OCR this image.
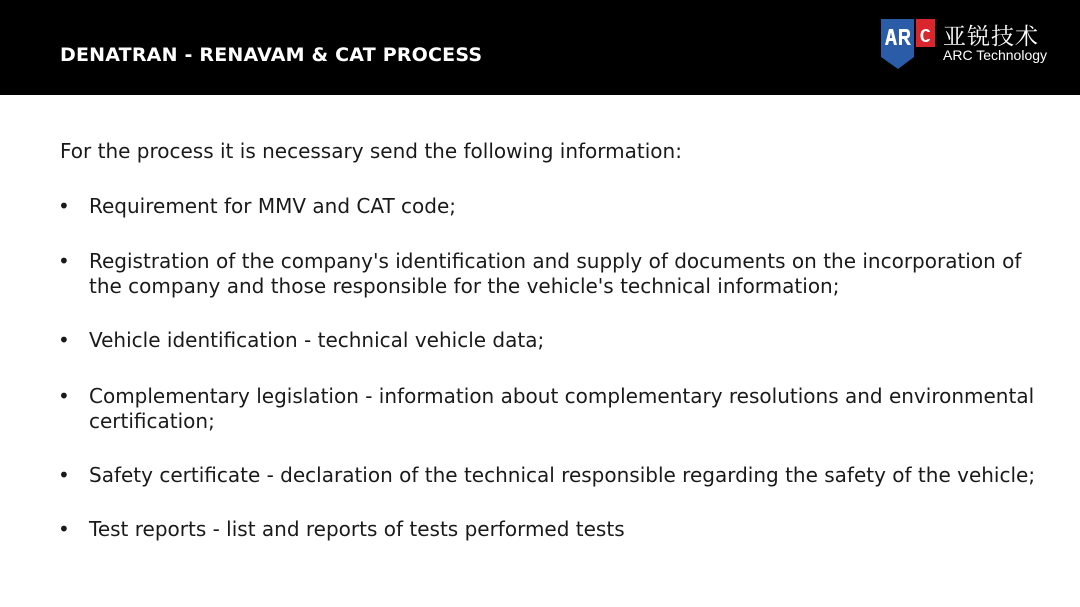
DENATRAN - RENAVAM & CAT PROCESS
亚锐技术
ARC Technology
For the process it is necessary send the following information:
• Requirement for MMV and CAT code;
• Registration of the company's identification and supply of documents on the incorporation of
the company and those responsible for the vehicle's technical information;
• Vehicle identification - technical vehicle data;
• Complementary legislation - information about complementary resolutions and environmental
certification;
• Safety certificate - declaration of the technical responsible regarding the safety of the vehicle;
• Test reports - list and reports of tests performed tests
